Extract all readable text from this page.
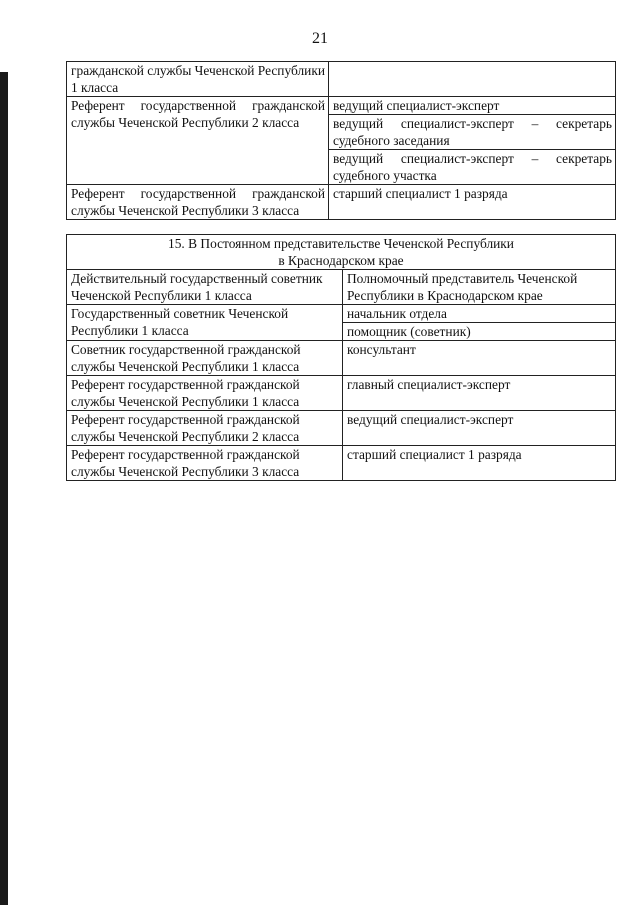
21
гражданской службы Чеченской Республики 1 класса
Референт государственной гражданской службы Чеченской Республики 2 класса
ведущий специалист-эксперт
ведущий специалист-эксперт – секретарь судебного заседания
ведущий специалист-эксперт – секретарь судебного участка
Референт государственной гражданской службы Чеченской Республики 3 класса
старший специалист 1 разряда
15. В Постоянном представительстве Чеченской Республики
в Краснодарском крае
Действительный государственный советник Чеченской Республики 1 класса
Полномочный представитель Чеченской Республики в Краснодарском крае
Государственный советник Чеченской Республики 1 класса
начальник отдела
помощник (советник)
Советник государственной гражданской службы Чеченской Республики 1 класса
консультант
Референт государственной гражданской службы Чеченской Республики 1 класса
главный специалист-эксперт
Референт государственной гражданской службы Чеченской Республики 2 класса
ведущий специалист-эксперт
Референт государственной гражданской службы Чеченской Республики 3 класса
старший специалист 1 разряда
